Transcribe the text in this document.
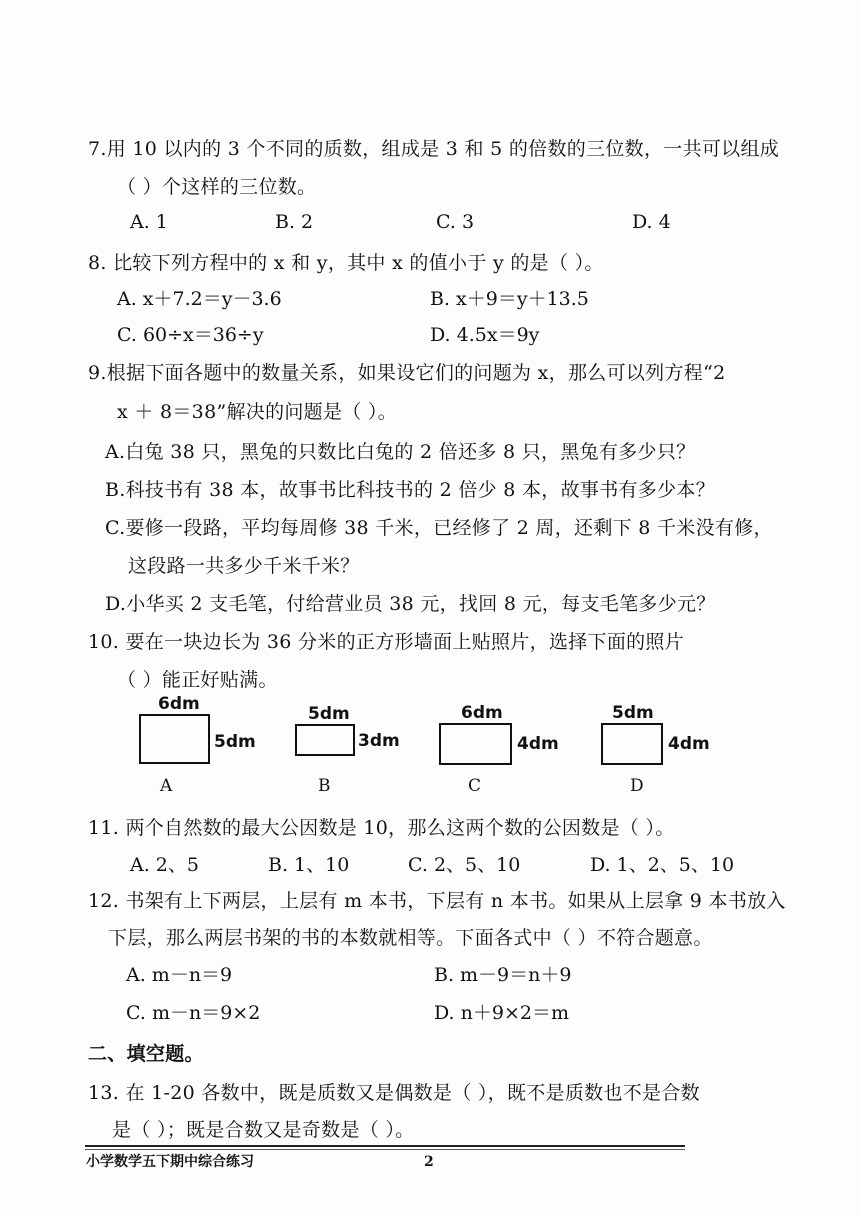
7.用 10 以内的 3 个不同的质数，组成是 3 和 5 的倍数的三位数，一共可以组成
（ ）个这样的三位数。
A. 1	B. 2	C. 3	D. 4
8. 比较下列方程中的 x 和 y，其中 x 的值小于 y 的是（ ）。
A. x＋7.2＝y－3.6	B. x＋9＝y＋13.5
C. 60÷x＝36÷y	D. 4.5x＝9y
9.根据下面各题中的数量关系，如果设它们的问题为 x，那么可以列方程“2
x ＋ 8＝38”解决的问题是（ ）。
A.白兔 38 只，黑兔的只数比白兔的 2 倍还多 8 只，黑兔有多少只？
B.科技书有 38 本，故事书比科技书的 2 倍少 8 本，故事书有多少本？
C.要修一段路，平均每周修 38 千米，已经修了 2 周，还剩下 8 千米没有修，
这段路一共多少千米千米？
D.小华买 2 支毛笔，付给营业员 38 元，找回 8 元，每支毛笔多少元？
10. 要在一块边长为 36 分米的正方形墙面上贴照片，选择下面的照片
（ ）能正好贴满。
6dm
5dm
A
5dm
3dm
B
6dm
4dm
C
5dm
4dm
D
11. 两个自然数的最大公因数是 10，那么这两个数的公因数是（ ）。
A. 2、5	B. 1、10	C. 2、5、10	D. 1、2、5、10
12. 书架有上下两层，上层有 m 本书，下层有 n 本书。如果从上层拿 9 本书放入
下层，那么两层书架的书的本数就相等。下面各式中（ ）不符合题意。
A. m－n＝9	B. m－9＝n＋9
C. m－n＝9×2	D. n＋9×2＝m
二、填空题。
13. 在 1-20 各数中，既是质数又是偶数是（ ），既不是质数也不是合数
是（ ）；既是合数又是奇数是（ ）。
小学数学五下期中综合练习	2
